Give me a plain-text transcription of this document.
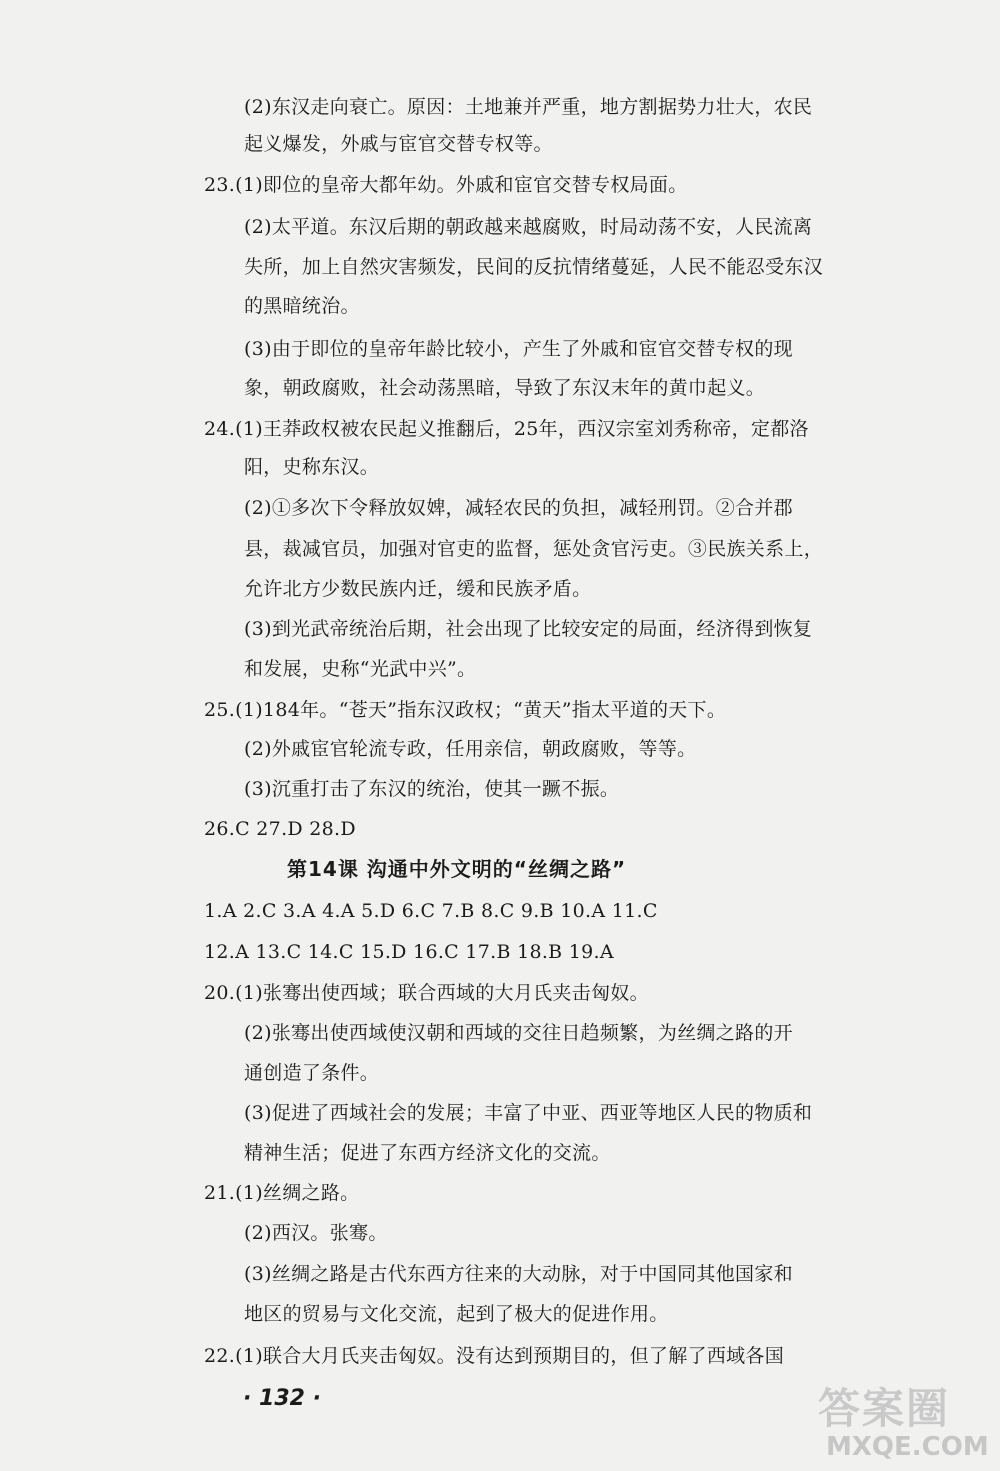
(2)东汉走向衰亡。原因：土地兼并严重，地方割据势力壮大，农民
起义爆发，外戚与宦官交替专权等。
23.(1)即位的皇帝大都年幼。外戚和宦官交替专权局面。
(2)太平道。东汉后期的朝政越来越腐败，时局动荡不安，人民流离
失所，加上自然灾害频发，民间的反抗情绪蔓延，人民不能忍受东汉
的黑暗统治。
(3)由于即位的皇帝年龄比较小，产生了外戚和宦官交替专权的现
象，朝政腐败，社会动荡黑暗，导致了东汉末年的黄巾起义。
24.(1)王莽政权被农民起义推翻后，25年，西汉宗室刘秀称帝，定都洛
阳，史称东汉。
(2)①多次下令释放奴婢，减轻农民的负担，减轻刑罚。②合并郡
县，裁减官员，加强对官吏的监督，惩处贪官污吏。③民族关系上，
允许北方少数民族内迁，缓和民族矛盾。
(3)到光武帝统治后期，社会出现了比较安定的局面，经济得到恢复
和发展，史称“光武中兴”。
25.(1)184年。“苍天”指东汉政权；“黄天”指太平道的天下。
(2)外戚宦官轮流专政，任用亲信，朝政腐败，等等。
(3)沉重打击了东汉的统治，使其一蹶不振。
26.C 27.D 28.D
第14课 沟通中外文明的“丝绸之路”
1.A 2.C 3.A 4.A 5.D 6.C 7.B 8.C 9.B 10.A 11.C
12.A 13.C 14.C 15.D 16.C 17.B 18.B 19.A
20.(1)张骞出使西域；联合西域的大月氏夹击匈奴。
(2)张骞出使西域使汉朝和西域的交往日趋频繁，为丝绸之路的开
通创造了条件。
(3)促进了西域社会的发展；丰富了中亚、西亚等地区人民的物质和
精神生活；促进了东西方经济文化的交流。
21.(1)丝绸之路。
(2)西汉。张骞。
(3)丝绸之路是古代东西方往来的大动脉，对于中国同其他国家和
地区的贸易与文化交流，起到了极大的促进作用。
22.(1)联合大月氏夹击匈奴。没有达到预期目的，但了解了西域各国
· 132 ·	答案圈
MXQE.COM
